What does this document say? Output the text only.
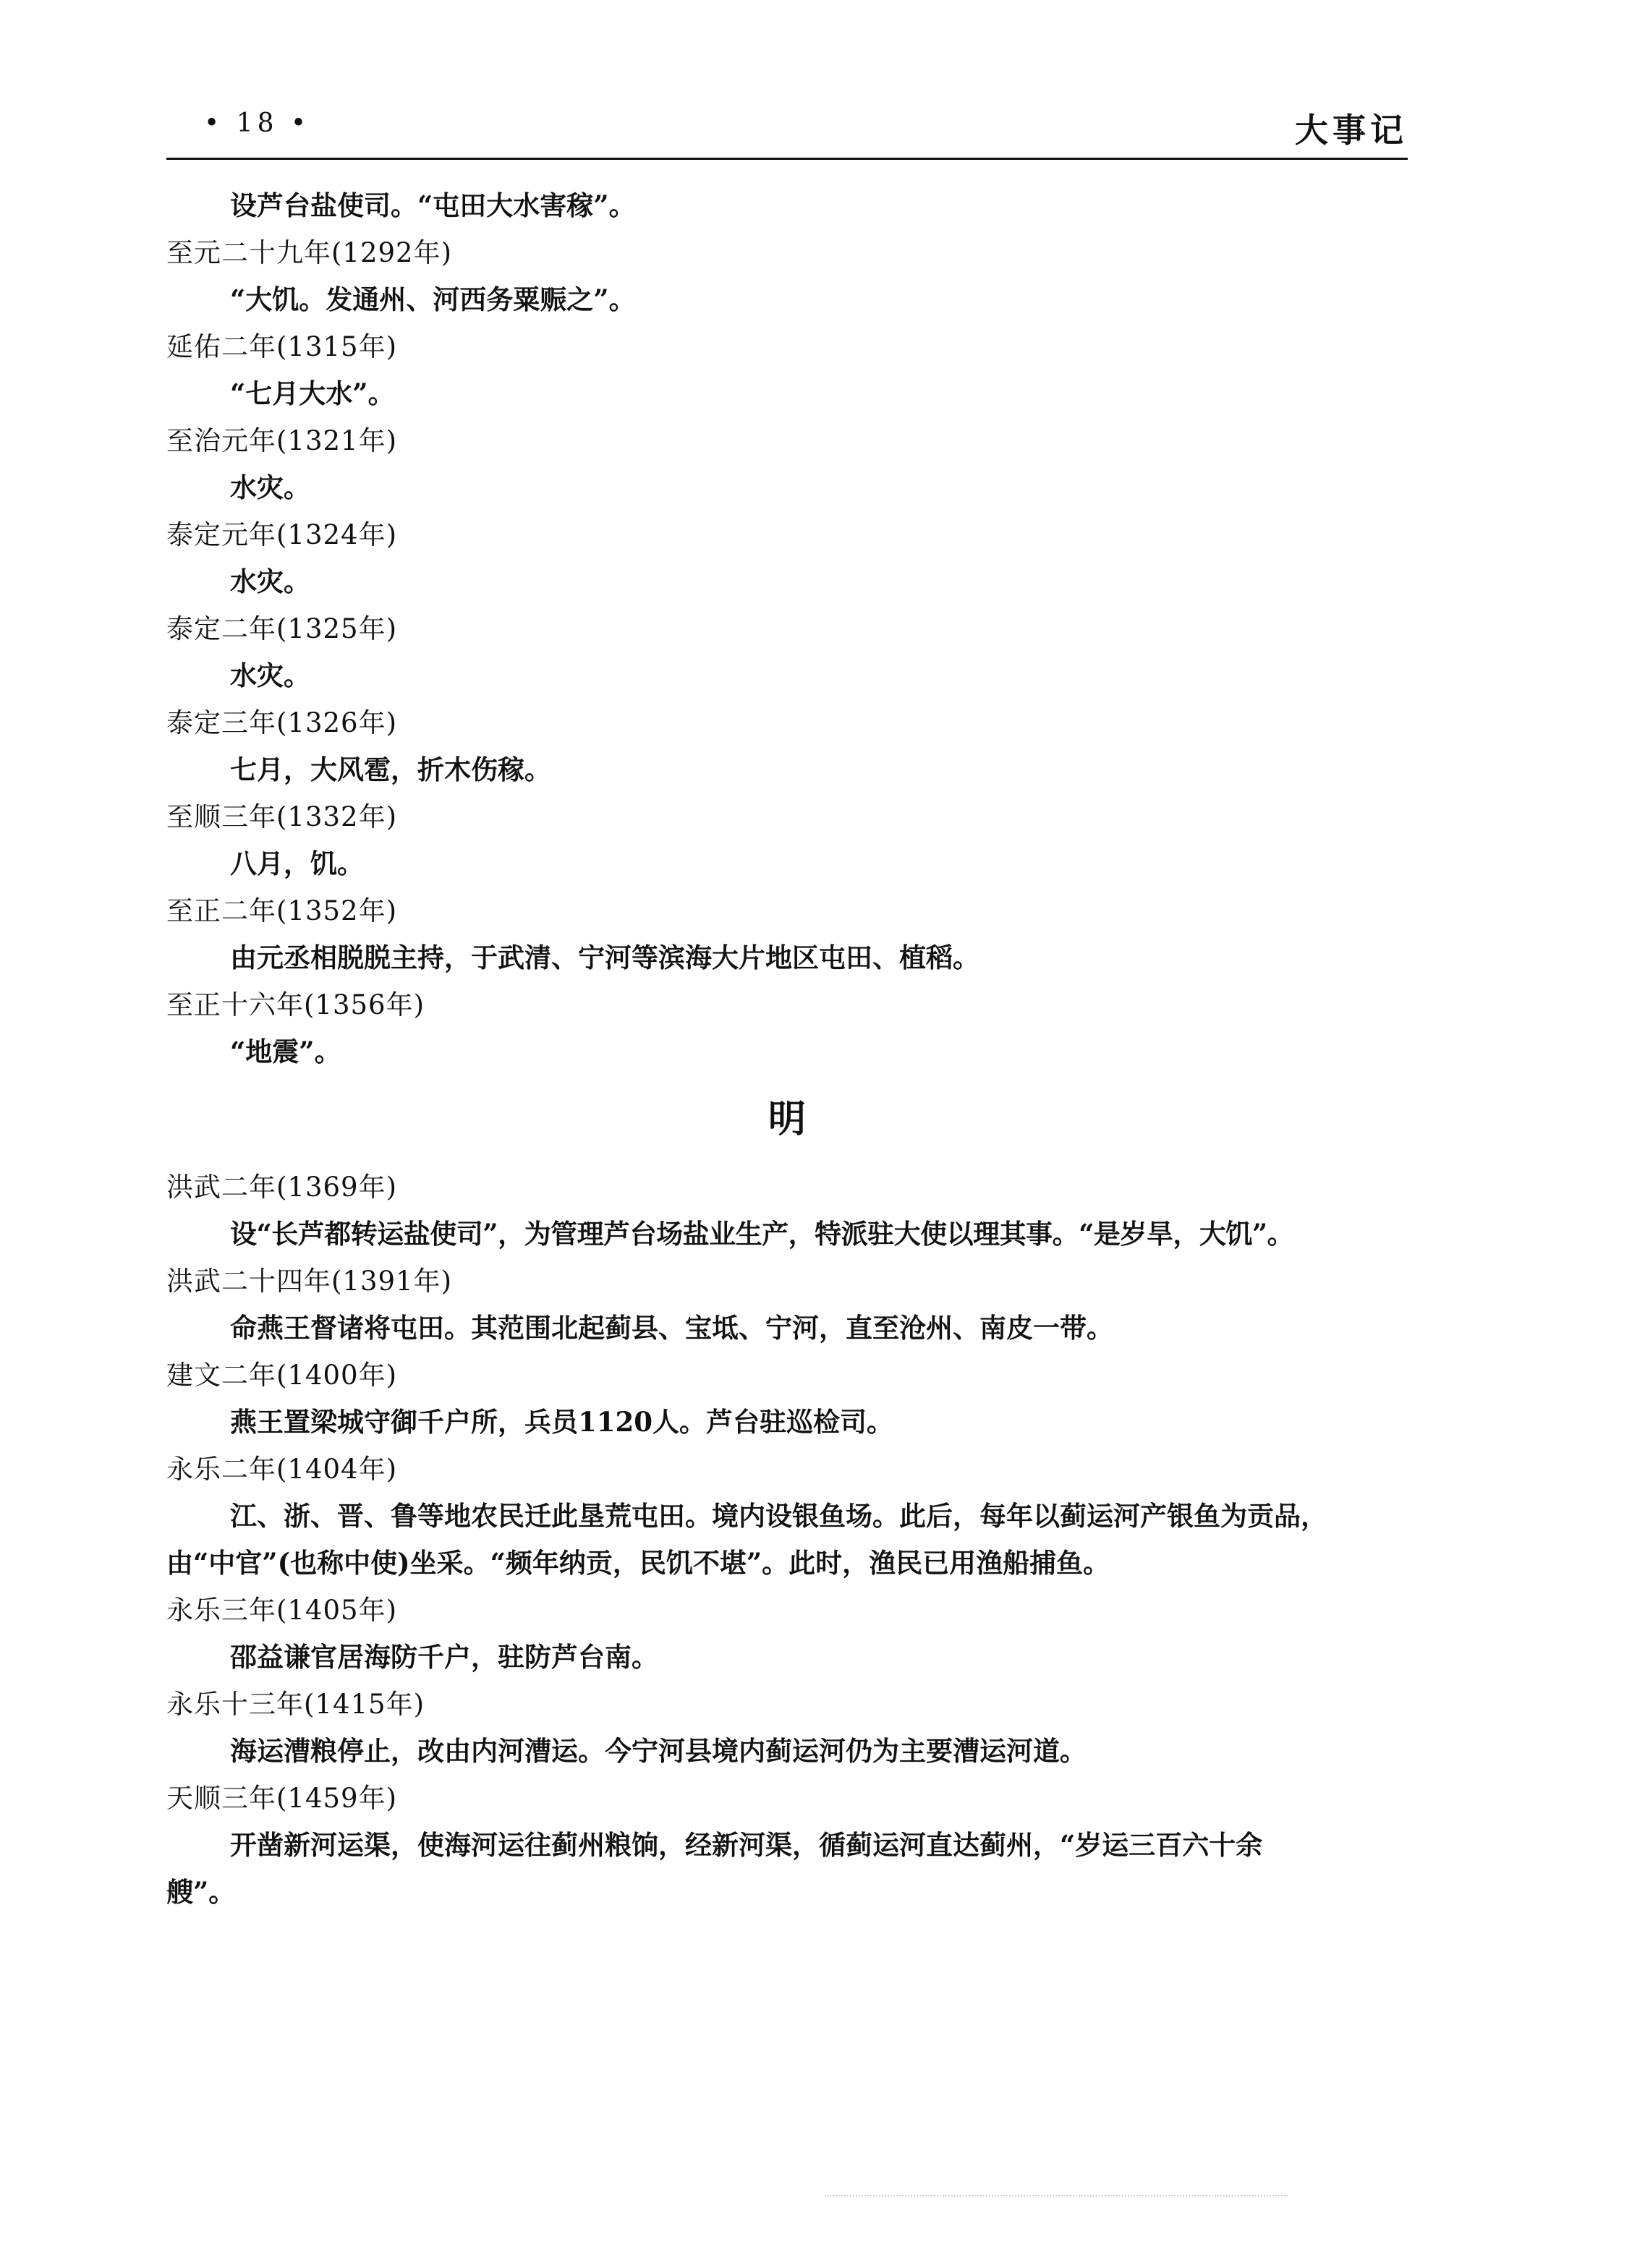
• 18 •	大事记
设芦台盐使司。“屯田大水害稼”。
至元二十九年(1292年)
“大饥。发通州、河西务粟赈之”。
延佑二年(1315年)
“七月大水”。
至治元年(1321年)
水灾。
泰定元年(1324年)
水灾。
泰定二年(1325年)
水灾。
泰定三年(1326年)
七月，大风雹，折木伤稼。
至顺三年(1332年)
八月，饥。
至正二年(1352年)
由元丞相脱脱主持，于武清、宁河等滨海大片地区屯田、植稻。
至正十六年(1356年)
“地震”。
明
洪武二年(1369年)
设“长芦都转运盐使司”，为管理芦台场盐业生产，特派驻大使以理其事。“是岁旱，大饥”。
洪武二十四年(1391年)
命燕王督诸将屯田。其范围北起蓟县、宝坻、宁河，直至沧州、南皮一带。
建文二年(1400年)
燕王置梁城守御千户所，兵员1120人。芦台驻巡检司。
永乐二年(1404年)
江、浙、晋、鲁等地农民迁此垦荒屯田。境内设银鱼场。此后，每年以蓟运河产银鱼为贡品，
由“中官”(也称中使)坐采。“频年纳贡，民饥不堪”。此时，渔民已用渔船捕鱼。
永乐三年(1405年)
邵益谦官居海防千户，驻防芦台南。
永乐十三年(1415年)
海运漕粮停止，改由内河漕运。今宁河县境内蓟运河仍为主要漕运河道。
天顺三年(1459年)
开凿新河运渠，使海河运往蓟州粮饷，经新河渠，循蓟运河直达蓟州，“岁运三百六十余
艘”。
